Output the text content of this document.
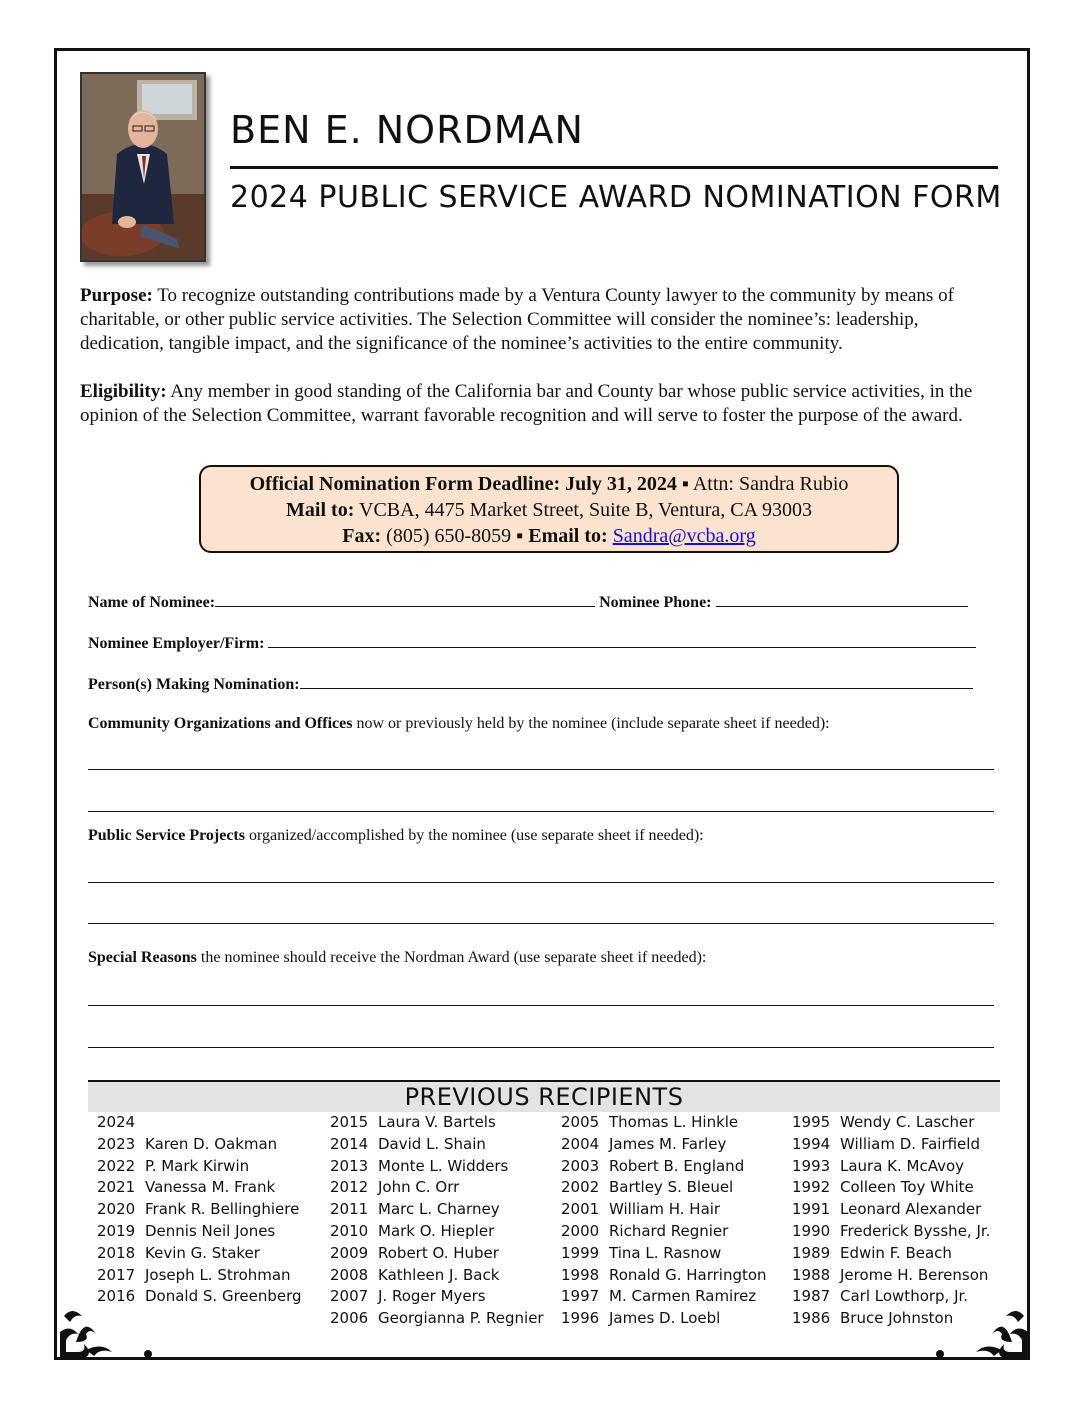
BEN E. NORDMAN
2024 PUBLIC SERVICE AWARD NOMINATION FORM
Purpose: To recognize outstanding contributions made by a Ventura County lawyer to the community by means of charitable, or other public service activities. The Selection Committee will consider the nominee’s: leadership, dedication, tangible impact, and the significance of the nominee’s activities to the entire community.
Eligibility: Any member in good standing of the California bar and County bar whose public service activities, in the opinion of the Selection Committee, warrant favorable recognition and will serve to foster the purpose of the award.
Official Nomination Form Deadline: July 31, 2024 ▪ Attn: Sandra Rubio
Mail to: VCBA, 4475 Market Street, Suite B, Ventura, CA 93003
Fax: (805) 650-8059 ▪ Email to: Sandra@vcba.org
Name of Nominee:	Nominee Phone:
Nominee Employer/Firm:
Person(s) Making Nomination:
Community Organizations and Offices now or previously held by the nominee (include separate sheet if needed):
Public Service Projects organized/accomplished by the nominee (use separate sheet if needed):
Special Reasons the nominee should receive the Nordman Award (use separate sheet if needed):
PREVIOUS RECIPIENTS
2024
2023 Karen D. Oakman
2022 P. Mark Kirwin
2021 Vanessa M. Frank
2020 Frank R. Bellinghiere
2019 Dennis Neil Jones
2018 Kevin G. Staker
2017 Joseph L. Strohman
2016 Donald S. Greenberg
2015 Laura V. Bartels
2014 David L. Shain
2013 Monte L. Widders
2012 John C. Orr
2011 Marc L. Charney
2010 Mark O. Hiepler
2009 Robert O. Huber
2008 Kathleen J. Back
2007 J. Roger Myers
2006 Georgianna P. Regnier
2005 Thomas L. Hinkle
2004 James M. Farley
2003 Robert B. England
2002 Bartley S. Bleuel
2001 William H. Hair
2000 Richard Regnier
1999 Tina L. Rasnow
1998 Ronald G. Harrington
1997 M. Carmen Ramirez
1996 James D. Loebl
1995 Wendy C. Lascher
1994 William D. Fairfield
1993 Laura K. McAvoy
1992 Colleen Toy White
1991 Leonard Alexander
1990 Frederick Bysshe, Jr.
1989 Edwin F. Beach
1988 Jerome H. Berenson
1987 Carl Lowthorp, Jr.
1986 Bruce Johnston
